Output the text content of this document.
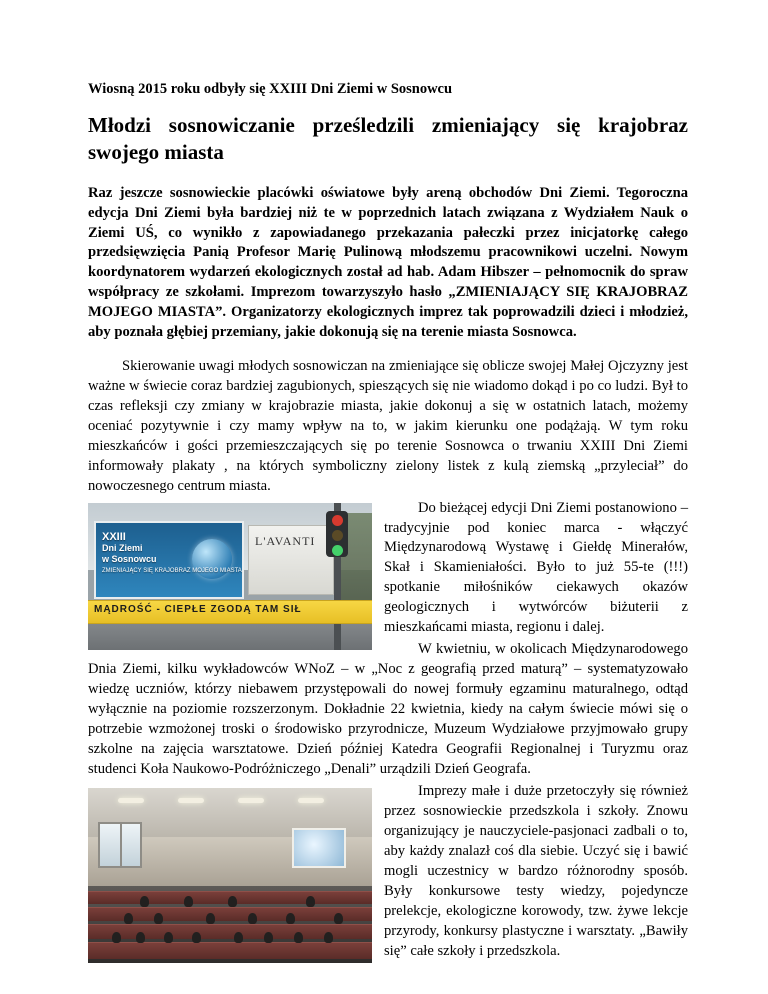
Wiosną 2015 roku odbyły się XXIII Dni Ziemi w Sosnowcu

Młodzi sosnowiczanie prześledzili zmieniający się krajobraz swojego miasta

Raz jeszcze sosnowieckie placówki oświatowe były areną obchodów Dni Ziemi. Tegoroczna edycja Dni Ziemi była bardziej niż te w poprzednich latach związana z Wydziałem Nauk o Ziemi UŚ, co wynikło z zapowiadanego przekazania pałeczki przez inicjatorkę całego przedsięwzięcia Panią Profesor Marię Pulinową młodszemu pracownikowi uczelni. Nowym koordynatorem wydarzeń ekologicznych został ad hab. Adam Hibszer – pełnomocnik do spraw współpracy ze szkołami. Imprezom towarzyszyło hasło „ZMIENIAJĄCY SIĘ KRAJOBRAZ MOJEGO MIASTA”. Organizatorzy ekologicznych imprez tak poprowadzili dzieci i młodzież, aby poznała głębiej przemiany, jakie dokonują się na terenie miasta Sosnowca.

Skierowanie uwagi młodych sosnowiczan na zmieniające się oblicze swojej Małej Ojczyzny jest ważne w świecie coraz bardziej zagubionych, spieszących się nie wiadomo dokąd i po co ludzi. Był to czas refleksji czy zmiany w krajobrazie miasta, jakie dokonuj a się w ostatnich latach, możemy oceniać pozytywnie i czy mamy wpływ na to, w jakim kierunku one podążają. W tym roku mieszkańców i gości przemieszczających się po terenie Sosnowca o trwaniu XXIII Dni Ziemi informowały plakaty , na których symboliczny zielony listek z kulą ziemską „przyleciał” do nowoczesnego centrum miasta.

XXIII
Dni Ziemi
w Sosnowcu
ZMIENIAJĄCY SIĘ KRAJOBRAZ MOJEGO MIASTA
L'AVANTI
MĄDROŚĆ - CIEPŁE ZGODĄ TAM SIŁ

Do bieżącej edycji Dni Ziemi postanowiono – tradycyjnie pod koniec marca - włączyć Międzynarodową Wystawę i Giełdę Minerałów, Skał i Skamieniałości. Było to już 55-te (!!!) spotkanie miłośników ciekawych okazów geologicznych i wytwórców biżuterii z mieszkańcami miasta, regionu i dalej.

W kwietniu, w okolicach Międzynarodowego Dnia Ziemi, kilku wykładowców WNoZ – w „Noc z geografią przed maturą” – systematyzowało wiedzę uczniów, którzy niebawem przystępowali do nowej formuły egzaminu maturalnego, odtąd wyłącznie na poziomie rozszerzonym. Dokładnie 22 kwietnia, kiedy na całym świecie mówi się o potrzebie wzmożonej troski o środowisko przyrodnicze, Muzeum Wydziałowe przyjmowało grupy szkolne na zajęcia warsztatowe. Dzień później Katedra Geografii Regionalnej i Turyzmu oraz studenci Koła Naukowo-Podróżniczego „Denali” urządzili Dzień Geografa.

Imprezy małe i duże przetoczyły się również przez sosnowieckie przedszkola i szkoły. Znowu organizujący je nauczyciele-pasjonaci zadbali o to, aby każdy znalazł coś dla siebie. Uczyć się i bawić mogli uczestnicy w bardzo różnorodny sposób. Były konkursowe testy wiedzy, pojedyncze prelekcje, ekologiczne korowody, tzw. żywe lekcje przyrody, konkursy plastyczne i warsztaty. „Bawiły się” całe szkoły i przedszkola.
